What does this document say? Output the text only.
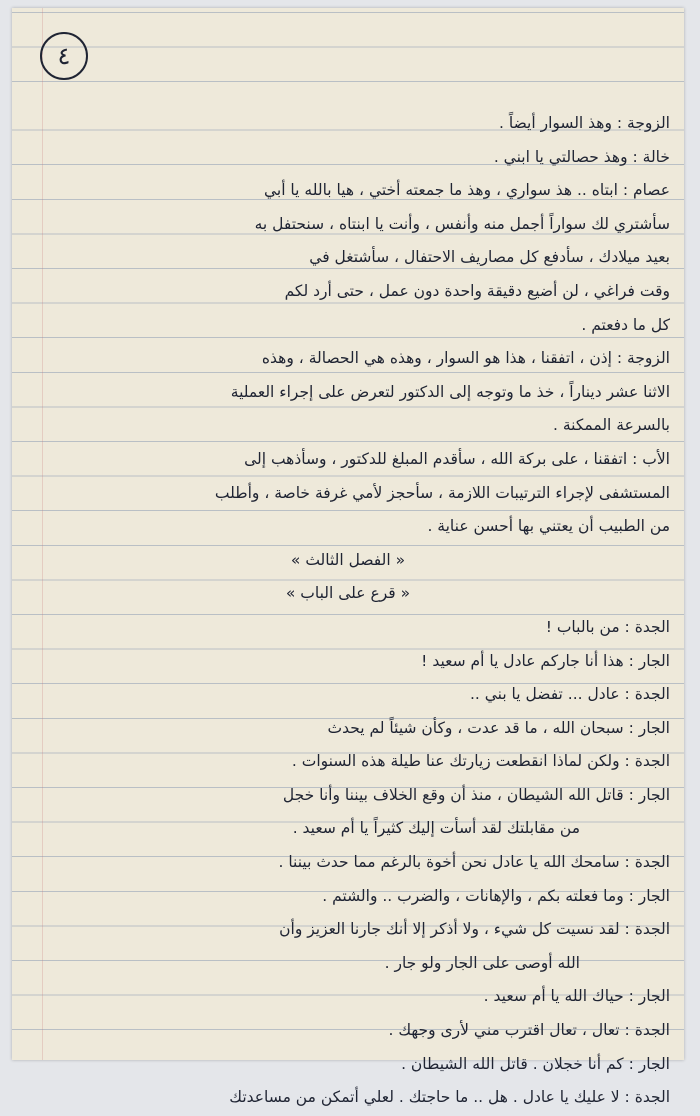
٤
الزوجة : وهذ السوار أيضاً .
خالة : وهذ حصالتي يا ابني .
عصام : ابتاه .. هذ سواري ، وهذ ما جمعته أختي ، هيا بالله يا أبي
سأشتري لك سواراً أجمل منه وأنفس ، وأنت يا ابنتاه ، سنحتفل به
بعيد ميلادك ، سأدفع كل مصاريف الاحتفال ، سأشتغل في
وقت فراغي ، لن أضيع دقيقة واحدة دون عمل ، حتى أرد لكم
كل ما دفعتم .
الزوجة : إذن ، اتفقنا ، هذا هو السوار ، وهذه هي الحصالة ، وهذه
الاثنا عشر ديناراً ، خذ ما وتوجه إلى الدكتور لتعرض على إجراء العملية
بالسرعة الممكنة .
الأب : اتفقنا ، على بركة الله ، سأقدم المبلغ للدكتور ، وسأذهب إلى
المستشفى لإجراء الترتيبات اللازمة ، سأحجز لأمي غرفة خاصة ، وأطلب
من الطبيب أن يعتني بها أحسن عناية .
« الفصل الثالث »
« قرع على الباب »
الجدة : من بالباب !
الجار : هذا أنا جاركم عادل يا أم سعيد !
الجدة : عادل ... تفضل يا بني ..
الجار : سبحان الله ، ما قد عدت ، وكأن شيئاً لم يحدث
الجدة : ولكن لماذا انقطعت زيارتك عنا طيلة هذه السنوات .
الجار : قاتل الله الشيطان ، منذ أن وقع الخلاف بيننا وأنا خجل
من مقابلتك لقد أسأت إليك كثيراً يا أم سعيد .
الجدة : سامحك الله يا عادل نحن أخوة بالرغم مما حدث بيننا .
الجار : وما فعلته بكم ، والإهانات ، والضرب .. والشتم .
الجدة : لقد نسيت كل شيء ، ولا أذكر إلا أنك جارنا العزيز وأن
الله أوصى على الجار ولو جار .
الجار : حياك الله يا أم سعيد .
الجدة : تعال ، تعال اقترب مني لأرى وجهك .
الجار : كم أنا خجلان . قاتل الله الشيطان .
الجدة : لا عليك يا عادل . هل .. ما حاجتك . لعلي أتمكن من مساعدتك
